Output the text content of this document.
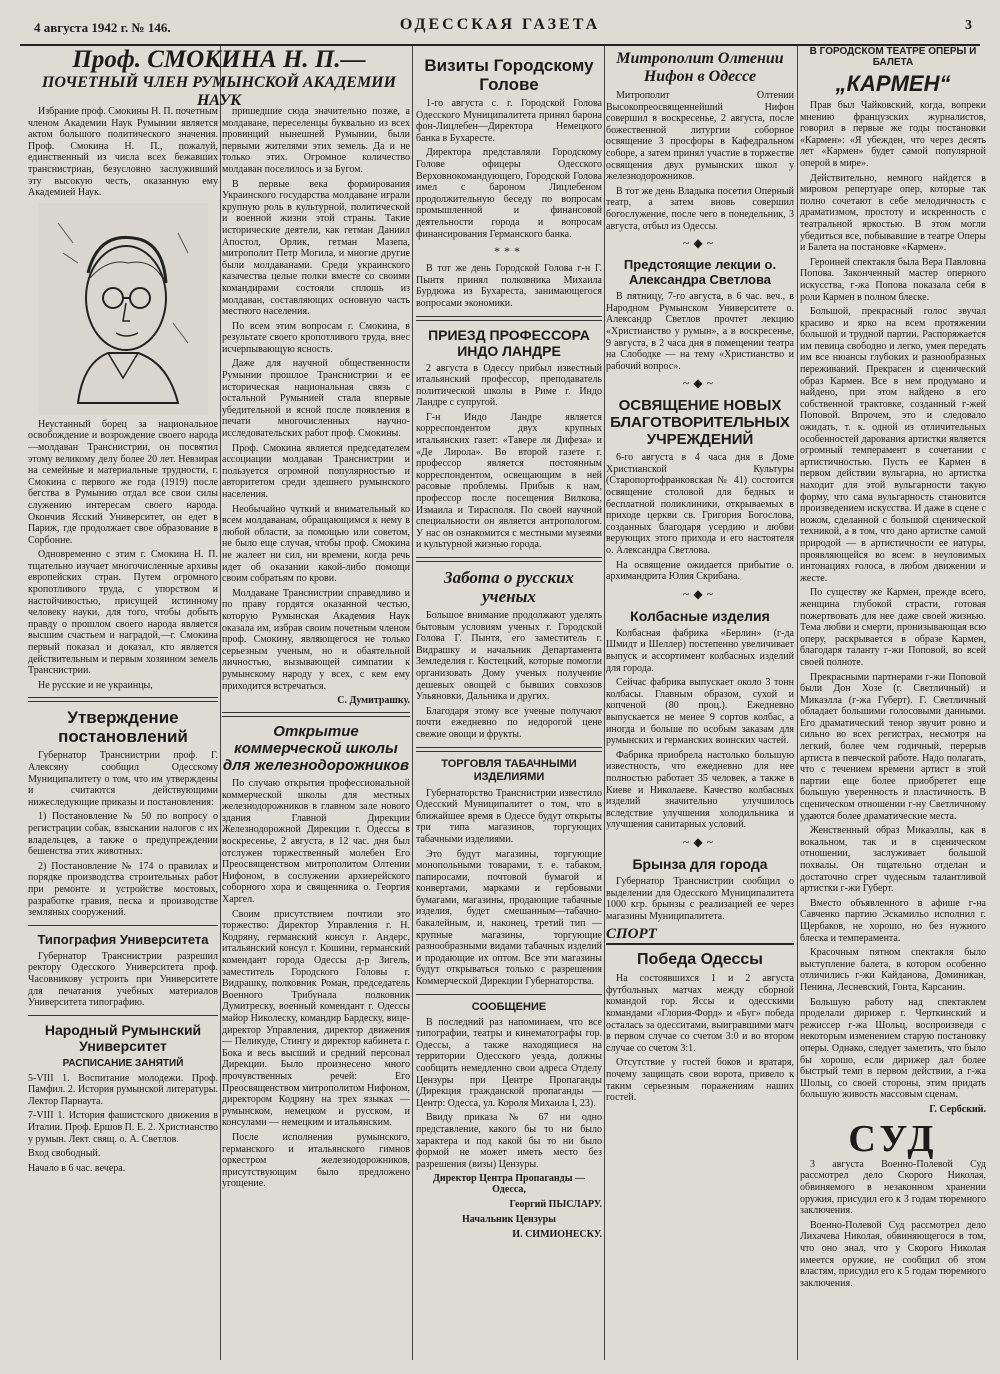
4 августа 1942 г. № 146.	ОДЕССКАЯ ГАЗЕТА	3
Проф. СМОКИНА Н. П.—
ПОЧЕТНЫЙ ЧЛЕН РУМЫНСКОЙ АКАДЕМИИ НАУК

Избрание проф. Смокины Н. П. почетным членом Академии Наук Румынии является актом большого политического значения. Проф. Смокина Н. П., пожалуй, единственный из числа всех бежавших транснистриан, безусловно заслуживший эту высокую честь, оказанную ему Академией Наук.

Неустанный борец за национальное освобождение и возрождение своего народа—молдаван Транснистрии, он посвятил этому великому делу более 20 лет. Невзирая на семейные и материальные трудности, г. Смокина с первого же года (1919) после бегства в Румынию отдал все свои силы служению интересам своего народа. Окончив Ясский Университет, он едет в Париж, где продолжает свое образование в Сорбонне.

Одновременно с этим г. Смокина Н. П. тщательно изучает многочисленные архивы европейских стран. Путем огромного кропотливого труда, с упорством и настойчивостью, присущей истинному человеку науки, для того, чтобы добыть правду о прошлом своего народа является высшим счастьем и наградой,—г. Смокина первый показал и доказал, кто является действительным и первым хозяином земель Транснистрии.

Не русские и не украинцы,

Утверждение постановлений

Губернатор Транснистрии проф. Г. Алексяну сообщил Одесскому Муниципалитету о том, что им утверждены и считаются действующими нижеследующие приказы и постановления:

1) Постановление № 50 по вопросу о регистрации собак, взыскании налогов с их владельцев, а также о предупреждении бешенства этих животных.

2) Постановление № 174 о правилах и порядке производства строительных работ при ремонте и устройстве мостовых, разработке гравия, песка и производстве земляных сооружений.

Типография Университета

Губернатор Транснистрии разрешил ректору Одесского Университета проф. Часовникову устроить при Университете для печатания учебных материалов Университета типографию.

Народный Румынский Университет
РАСПИСАНИЕ ЗАНЯТИЙ

5-VIII 1. Воспитание молодежи. Проф. Памфил. 2. История румынской литературы. Лектор Парнаута.

7-VIII 1. История фашистского движения в Италии. Проф. Ершов П. Е. 2. Христианство у румын. Лект. свящ. о. А. Светлов.

Вход свободный.

Начало в 6 час. вечера.

пришедшие сюда значительно позже, а молдаване, переселенцы буквально из всех провинций нынешней Румынии, были первыми жителями этих земель. Да и не только этих. Огромное количество молдаван поселилось и за Бугом.

В первые века формирования Украинского государства молдаване играли крупную роль в культурной, политической и военной жизни этой страны. Такие исторические деятели, как гетман Даниил Апостол, Орлик, гетман Мазепа, митрополит Петр Могила, и многие другие были молдаванами. Среди украинского казачества целые полки вместе со своими командирами состояли сплошь из молдаван, составляющих основную часть местного населения.

По всем этим вопросам г. Смокина, в результате своего кропотливого труда, внес исчерпывающую ясность.

Даже для научной общественности Румынии прошлое Транснистрии и ее историческая национальная связь с остальной Румынией стала впервые убедительной и ясной после появления в печати многочисленных научно-исследовательских работ проф. Смокины.

Проф. Смокина является председателем ассоциации молдаван Транснистрии и пользуется огромной популярностью и авторитетом среди здешнего румынского населения.

Необычайно чуткий и внимательный ко всем молдаванам, обращающимся к нему в любой области, за помощью или советом, не было еще случая, чтобы проф. Смокина не жалеет ни сил, ни времени, когда речь идет об оказании какой-либо помощи своим собратьям по крови.

Молдаване Транснистрии справедливо и по праву гордятся оказанной честью, которую Румынская Академия Наук оказала им, избрав своим почетным членом проф. Смокину, являющегося не только серьезным ученым, но и обаятельной личностью, вызывающей симпатии к румынскому народу у всех, с кем ему приходится встречаться.

С. Думитрашку.
Открытие коммерческой школы для железнодорожников

По случаю открытия профессиональной коммерческой школы для местных железнодорожников в главном зале нового здания Главной Дирекции Железнодорожной Дирекции г. Одессы в воскресенье, 2 августа, в 12 час. дня был отслужен торжественный молебен Его Преосвященством митрополитом Олтении Нифоном, в сослужении архиерейского соборного хора и священника о. Георгия Харгел.

Своим присутствием почтили это торжество: Директор Управления г. Н. Кодряну, германский консул г. Андерс, итальянский консул г. Кошини, германский комендант города Одессы д-р Зигель, заместитель Городского Головы г. Видрашку, полковник Роман, председатель Военного Трибунала полковник Думитреску, военный комендант г. Одессы майор Николеску, командир Бардеску, вице-директор Управления, директор движения — Пеликуде, Стингу и директор кабинета г. Бока и весь высший и средний персонал Дирекции. Было произнесено много прочувственных речей: Его Преосвященством митрополитом Нифоном, директором Кодряну на трех языках — румынском, немецком и русском, и консулами — немецким и итальянским.

После исполнения румынского, германского и итальянского гимнов оркестром железнодорожников, присутствующим было предложено угощение.

Визиты Городскому Голове

1-го августа с. г. Городской Голова Одесского Муниципалитета принял барона фон-Лицлебен—Директора Немецкого банка в Бухаресте.

Директора представляли Городскому Голове офицеры Одесского Верховнокомандующего, Городской Голова имел с бароном Лицлебеном продолжительную беседу по вопросам промышленной и финансовой деятельности города и вопросам финансирования Германского банка.

***

В тот же день Городской Голова г-н Г. Пынтя принял полковника Михаила Бурдюжа из Бухареста, занимающегося вопросами экономики.

ПРИЕЗД ПРОФЕССОРА ИНДО ЛАНДРЕ

2 августа в Одессу прибыл известный итальянский профессор, преподаватель политической школы в Риме г. Индо Ландре с супругой.

Г-н Индо Ландре является корреспондентом двух крупных итальянских газет: «Тавере ля Дифеза» и «Де Лирола». Во второй газете г. профессор является постоянным корреспондентом, освещающим в ней расовые проблемы. Прибыв к нам, профессор после посещения Вилкова, Измаила и Тирасполя. По своей научной специальности он является антропологом. У нас он ознакомится с местными музеями и культурной жизнью города.

Забота о русских ученых

Большое внимание продолжают уделять бытовым условиям ученых г. Городской Голова Г. Пынтя, его заместитель г. Видрашку и начальник Департамента Земледелия г. Костецкий, которые помогли организовать Дому ученых получение дешевых овощей с бывших совхозов Ульяновки, Дальника и других.

Благодаря этому все ученые получают почти ежедневно по недорогой цене свежие овощи и фрукты.

ТОРГОВЛЯ ТАБАЧНЫМИ ИЗДЕЛИЯМИ

Губернаторство Транснистрии известило Одесский Муниципалитет о том, что в ближайшее время в Одессе будут открыты три типа магазинов, торгующих табачными изделиями.

Это будут магазины, торгующие монопольными товарами, т. е. табаком, папиросами, почтовой бумагой и конвертами, марками и гербовыми бумагами, магазины, продающие табачные изделия, будет смешанным—табачно-бакалейным, и, наконец, третий тип — крупные магазины, торгующие разнообразными видами табачных изделий и продающие их оптом. Все эти магазины будут открываться только с разрешения Коммерческой Дирекции Губернаторства.

СООБЩЕНИЕ

В последний раз напоминаем, что все типографии, театры и кинематографы гор. Одессы, а также находящиеся на территории Одесского уезда, должны сообщить немедленно свои адреса Отделу Цензуры при Центре Пропаганды (Дирекция гражданской пропаганды — Центр: Одесса, ул. Короля Михаила I, 23).

Ввиду приказа № 67 ни одно представление, какого бы то ни было характера и под какой бы то ни было формой не может иметь место без разрешения (визы) Цензуры.

Директор Центра Пропаганды — Одесса,
Георгий ПЫСЛАРУ.
Начальник Цензуры
И. СИМИОНЕСКУ.
Митрополит Олтении Нифон в Одессе

Митрополит Олтении Высокопреосвященнейший Нифон совершил в воскресенье, 2 августа, после божественной литургии соборное освящение 3 просфоры в Кафедральном соборе, а затем принял участие в торжестве освящения двух румынских школ у железнодорожников.

В тот же день Владыка посетил Оперный театр, а затем вновь совершил богослужение, после чего в понедельник, 3 августа, отбыл из Одессы.

~◆~
Предстоящие лекции о. Александра Светлова

В пятницу, 7-го августа, в 6 час. веч., в Народном Румынском Университете о. Александр Светлов прочтет лекцию «Христианство у румын», а в воскресенье, 9 августа, в 2 часа дня в помещении театра на Слободке — на тему «Христианство и рабочий вопрос».

~◆~
ОСВЯЩЕНИЕ НОВЫХ БЛАГОТВОРИТЕЛЬНЫХ УЧРЕЖДЕНИЙ

6-го августа в 4 часа дня в Доме Христианской Культуры (Старопортофранковская № 41) состоится освящение столовой для бедных и бесплатной поликлиники, открываемых в приходе церкви св. Григория Богослова, созданных благодаря усердию и любви верующих этого прихода и его настоятеля о. Александра Светлова.

На освящение ожидается прибытие о. архимандрита Юлия Скрибана.

~◆~
Колбасные изделия

Колбасная фабрика «Берлин» (г-да Шмидт и Шеллер) постепенно увеличивает выпуск и ассортимент колбасных изделий для города.

Сейчас фабрика выпускает около 3 тонн колбасы. Главным образом, сухой и копченой (80 проц.). Ежедневно выпускается не менее 9 сортов колбас, а иногда и больше по особым заказам для румынских и германских воинских частей.

Фабрика приобрела настолько большую известность, что ежедневно для нее полностью работает 35 человек, а также в Киеве и Николаеве. Качество колбасных изделий значительно улучшилось вследствие улучшения холодильника и улучшения санитарных условий.

~◆~
Брынза для города

Губернатор Транснистрии сообщил о выделении для Одесского Муниципалитета 1000 кгр. брынзы с реализацией ее через магазины Муниципалитета.

СПОРТ
Победа Одессы

На состоявшихся 1 и 2 августа футбольных матчах между сборной командой гор. Яссы и одесскими командами «Глория-Форд» и «Буг» победа осталась за одесситами, выигравшими матч в первом случае со счетом 3:0 и во втором случае со счетом 3:1.

Отсутствие у гостей боков и вратаря, почему защищать свои ворота, привело к таким серьезным поражениям наших гостей.

В ГОРОДСКОМ ТЕАТРЕ ОПЕРЫ И БАЛЕТА
„КАРМЕН“

Прав был Чайковский, когда, вопреки мнению французских журналистов, говорил в первые же годы постановки «Кармен»: «Я убежден, что через десять лет «Кармен» будет самой популярной оперой в мире».

Действительно, немного найдется в мировом репертуаре опер, которые так полно сочетают в себе мелодичность с драматизмом, простоту и искренность с театральной яркостью. В этом могли убедиться все, побывавшие в театре Оперы и Балета на постановке «Кармен».

Героиней спектакля была Вера Павловна Попова. Законченный мастер оперного искусства, г-жа Попова показала себя в роли Кармен в полном блеске.

Большой, прекрасный голос звучал красиво и ярко на всем протяжении большой и трудной партии. Распоряжается им певица свободно и легко, умея передать им все нюансы глубоких и разнообразных переживаний. Прекрасен и сценический образ Кармен. Все в нем продумано и найдено, при этом найдено в его собственной трактовке, созданный г-жей Поповой. Впрочем, это и следовало ожидать, т. к. одной из отличительных особенностей дарования артистки является огромный темперамент в сочетании с артистичностью. Пусть ее Кармен в первом действии вульгарна, но артистка находит для этой вульгарности такую форму, что сама вульгарность становится произведением искусства. И даже в сцене с ножом, сделанной с большой сценической техникой, а в том, что дано артистке самой природой — в артистичности ее натуры, проявляющейся во всем: в неуловимых интонациях голоса, в любом движении и жесте.

По существу же Кармен, прежде всего, женщина глубокой страсти, готовая пожертвовать для нее даже своей жизнью. Тема любви и смерти, пронизывающая всю оперу, раскрывается в образе Кармен, благодаря таланту г-жи Поповой, во всей своей полноте.

Прекрасными партнерами г-жи Поповой были Дон Хозе (г. Светличный) и Микаэлла (г-жа Губерт). Г. Светличный обладает большими голосовыми данными. Его драматический тенор звучит ровно и сильно во всех регистрах, несмотря на легкий, более чем годичный, перерыв артиста в певческой работе. Надо полагать, что с течением времени артист в этой партии еще более приобретет еще большую уверенность и пластичность. В сценическом отношении г-ну Светличному удаются более драматические места.

Женственный образ Микаэллы, как в вокальном, так и в сценическом отношении, заслуживает большой похвалы. Он тщательно отделан и достаточно сгрет чудесным талантливой артистки г-жи Губерт.

Вместо объявленного в афише г-на Савченко партию Эскамильо исполнил г. Щербаков, не хорошо, но без нужного блеска и темперамента.

Красочным пятном спектакля было выступление балета, в котором особенно отличились г-жи Кайданова, Доминикан, Пенина, Лесневский, Гонта, Карсанин.

Большую работу над спектаклем проделали дирижер г. Черткинский и режиссер г-жа Шольц, воспроизведя с некоторым изменением старую постановку оперы. Однако, следует заметить, что было бы хорошо, если дирижер дал более быстрый темп в первом действии, а г-жа Шольц, со своей стороны, этим придать большую живость массовым сценам.

Г. Сербский.
СУД

3 августа Военно-Полевой Суд рассмотрел дело Скорого Николая, обвиняемого в незаконном хранении оружия, присудил его к 3 годам тюремного заключения.

Военно-Полевой Суд рассмотрел дело Лихачева Николая, обвиняющегося в том, что оно знал, что у Скорого Николая имеется оружие, не сообщил об этом властям, присудил его к 5 годам тюремного заключения.
